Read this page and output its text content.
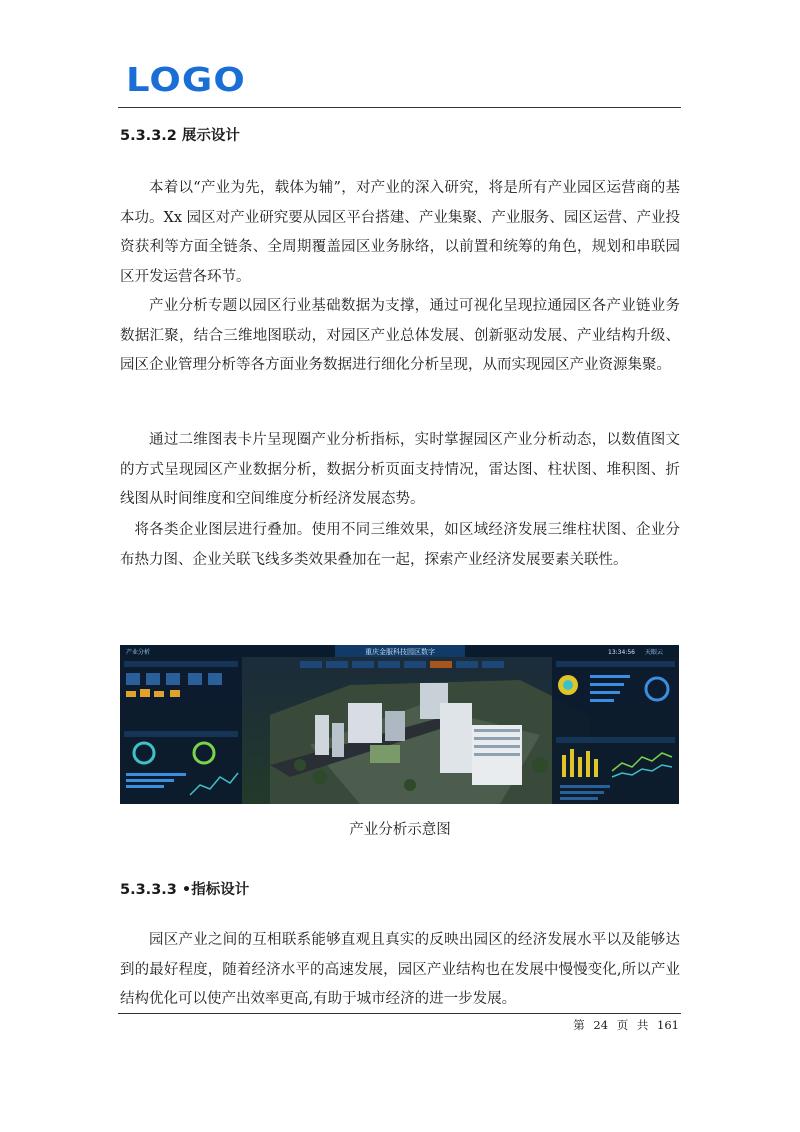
LOGO
5.3.3.2 展示设计

本着以“产业为先，载体为辅”，对产业的深入研究，将是所有产业园区运营商的基本功。Xx 园区对产业研究要从园区平台搭建、产业集聚、产业服务、园区运营、产业投资获利等方面全链条、全周期覆盖园区业务脉络，以前置和统筹的角色，规划和串联园区开发运营各环节。

产业分析专题以园区行业基础数据为支撑，通过可视化呈现拉通园区各产业链业务数据汇聚，结合三维地图联动，对园区产业总体发展、创新驱动发展、产业结构升级、园区企业管理分析等各方面业务数据进行细化分析呈现，从而实现园区产业资源集聚。

通过二维图表卡片呈现圈产业分析指标，实时掌握园区产业分析动态，以数值图文的方式呈现园区产业数据分析，数据分析页面支持情况，雷达图、柱状图、堆积图、折线图从时间维度和空间维度分析经济发展态势。

将各类企业图层进行叠加。使用不同三维效果，如区域经济发展三维柱状图、企业分布热力图、企业关联飞线多类效果叠加在一起，探索产业经济发展要素关联性。

重庆金服科技园区数字
产业分析	13:34:56 天眼云
产业分析示意图
5.3.3.3 •指标设计

园区产业之间的互相联系能够直观且真实的反映出园区的经济发展水平以及能够达到的最好程度，随着经济水平的高速发展，园区产业结构也在发展中慢慢变化,所以产业结构优化可以使产出效率更高,有助于城市经济的进一步发展。

第 24 页 共 161
